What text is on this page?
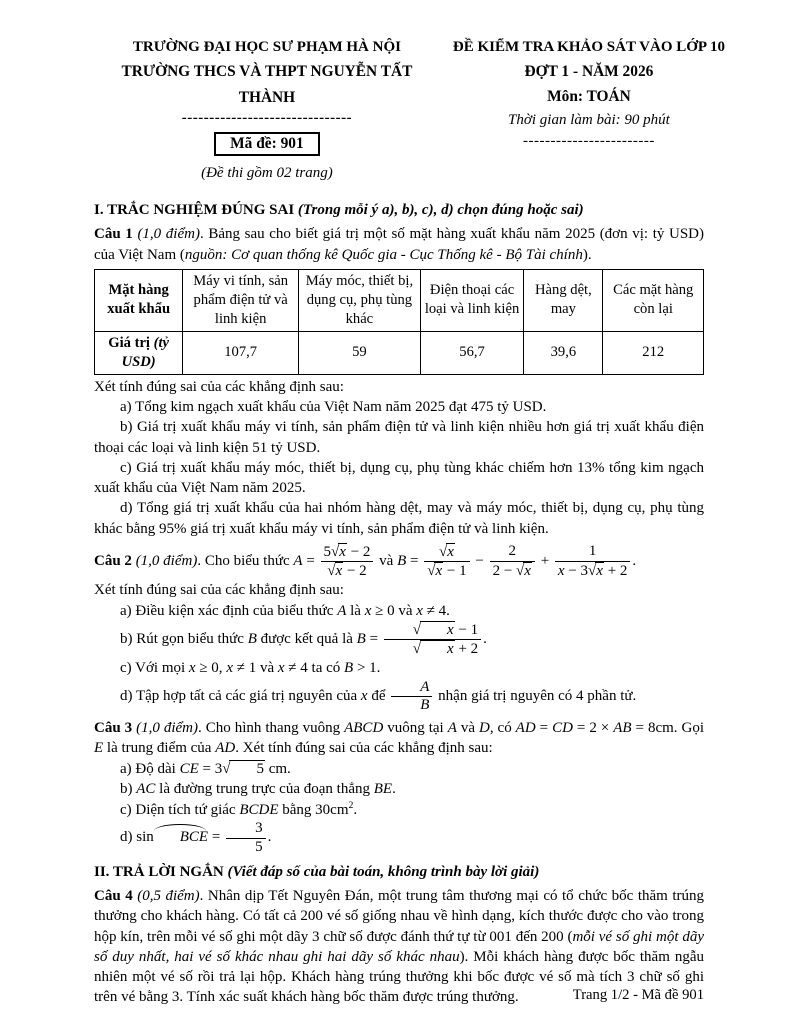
TRƯỜNG ĐẠI HỌC SƯ PHẠM HÀ NỘI
TRƯỜNG THCS VÀ THPT NGUYỄN TẤT THÀNH
-------------------------------
Mã đề: 901
(Đề thi gồm 02 trang)
ĐỀ KIỂM TRA KHẢO SÁT VÀO LỚP 10
ĐỢT 1 - NĂM 2026
Môn: TOÁN
Thời gian làm bài: 90 phút
------------------------

I. TRẮC NGHIỆM ĐÚNG SAI (Trong mỗi ý a), b), c), d) chọn đúng hoặc sai)

Câu 1 (1,0 điểm). Bảng sau cho biết giá trị một số mặt hàng xuất khẩu năm 2025 (đơn vị: tỷ USD) của Việt Nam (nguồn: Cơ quan thống kê Quốc gia - Cục Thống kê - Bộ Tài chính).

Mặt hàng xuất khẩu	Máy vi tính, sản phẩm điện tử và linh kiện	Máy móc, thiết bị, dụng cụ, phụ tùng khác	Điện thoại các loại và linh kiện	Hàng dệt, may	Các mặt hàng còn lại
Giá trị (tỷ USD)	107,7	59	56,7	39,6	212

Xét tính đúng sai của các khẳng định sau:

a) Tổng kim ngạch xuất khẩu của Việt Nam năm 2025 đạt 475 tỷ USD.

b) Giá trị xuất khẩu máy vi tính, sản phẩm điện tử và linh kiện nhiều hơn giá trị xuất khẩu điện thoại các loại và linh kiện 51 tỷ USD.

c) Giá trị xuất khẩu máy móc, thiết bị, dụng cụ, phụ tùng khác chiếm hơn 13% tổng kim ngạch xuất khẩu của Việt Nam năm 2025.

d) Tổng giá trị xuất khẩu của hai nhóm hàng dệt, may và máy móc, thiết bị, dụng cụ, phụ tùng khác bằng 95% giá trị xuất khẩu máy vi tính, sản phẩm điện tử và linh kiện.

Câu 2 (1,0 điểm). Cho biểu thức $A = \frac{5√x - 2}{√x - 2}$ và $B = \frac{√x}{√x - 1} - \frac{2}{2 - √x} + \frac{1}{x - 3√x + 2}$ .

Xét tính đúng sai của các khẳng định sau:

a) Điều kiện xác định của biểu thức A là x ≥ 0 và x ≠ 4.

b) Rút gọn biểu thức B được kết quả là $B = \frac{√ x - 1}{√ x + 2}$ .

c) Với mọi x ≥ 0, x ≠ 1 và x ≠ 4 ta có B > 1.

d) Tập hợp tất cả các giá trị nguyên của x để $\frac{A}{B}$ nhận giá trị nguyên có 4 phần tử.

Câu 3 (1,0 điểm). Cho hình thang vuông ABCD vuông tại A và D, có AD = CD = 2 × AB = 8cm. Gọi E là trung điểm của AD. Xét tính đúng sai của các khẳng định sau:

a) Độ dài CE = 3√ 5 cm.

b) AC là đường trung trực của đoạn thẳng BE.

c) Diện tích tứ giác BCDE bằng $30cm^2$.

d) sin BCE = $\frac{3}{5}$ .

II. TRẢ LỜI NGẮN (Viết đáp số của bài toán, không trình bày lời giải)

Câu 4 (0,5 điểm). Nhân dịp Tết Nguyên Đán, một trung tâm thương mại có tổ chức bốc thăm trúng thưởng cho khách hàng. Có tất cả 200 vé số giống nhau về hình dạng, kích thước được cho vào trong hộp kín, trên mỗi vé số ghi một dãy 3 chữ số được đánh thứ tự từ 001 đến 200 (mỗi vé số ghi một dãy số duy nhất, hai vé số khác nhau ghi hai dãy số khác nhau). Mỗi khách hàng được bốc thăm ngẫu nhiên một vé số rồi trả lại hộp. Khách hàng trúng thưởng khi bốc được vé số mà tích 3 chữ số ghi trên vé bằng 3. Tính xác suất khách hàng bốc thăm được trúng thưởng.	Trang 1/2 - Mã đề 901
